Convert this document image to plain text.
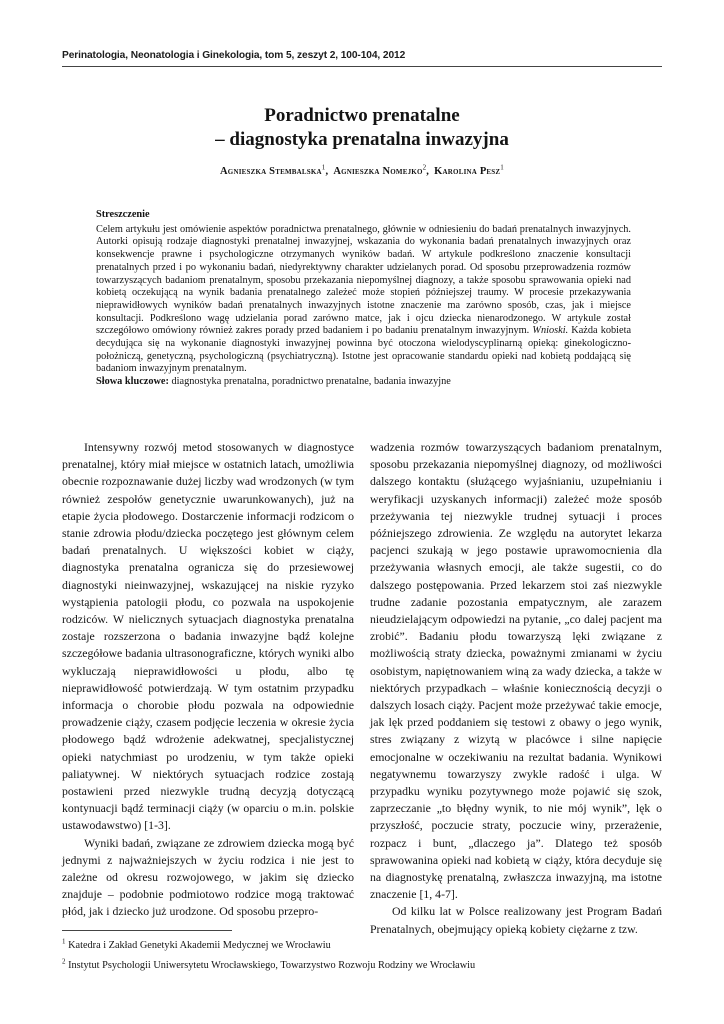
Perinatologia, Neonatologia i Ginekologia, tom 5, zeszyt 2, 100-104, 2012
Poradnictwo prenatalne
– diagnostyka prenatalna inwazyjna
Agnieszka Stembalska$^1$,  Agnieszka Nomejko$^2$,  Karolina Pesz$^1$
Streszczenie

Celem artykułu jest omówienie aspektów poradnictwa prenatalnego, głównie w odniesieniu do badań prenatalnych inwazyjnych. Autorki opisują rodzaje diagnostyki prenatalnej inwazyjnej, wskazania do wykonania badań prenatalnych inwazyjnych oraz konsekwencje prawne i psychologiczne otrzymanych wyników badań. W artykule podkreślono znaczenie konsultacji prenatalnych przed i po wykonaniu badań, niedyrektywny charakter udzielanych porad. Od sposobu przeprowadzenia rozmów towarzyszących badaniom prenatalnym, sposobu przekazania niepomyślnej diagnozy, a także sposobu sprawowania opieki nad kobietą oczekującą na wynik badania prenatalnego zależeć może stopień późniejszej traumy. W procesie przekazywania nieprawidłowych wyników badań prenatalnych inwazyjnych istotne znaczenie ma zarówno sposób, czas, jak i miejsce konsultacji. Podkreślono wagę udzielania porad zarówno matce, jak i ojcu dziecka nienarodzonego. W artykule został szczegółowo omówiony również zakres porady przed badaniem i po badaniu prenatalnym inwazyjnym. Wnioski. Każda kobieta decydująca się na wykonanie diagnostyki inwazyjnej powinna być otoczona wielodyscyplinarną opieką: ginekologiczno-położniczą, genetyczną, psychologiczną (psychiatryczną). Istotne jest opracowanie standardu opieki nad kobietą poddającą się badaniom inwazyjnym prenatalnym.

Słowa kluczowe: diagnostyka prenatalna, poradnictwo prenatalne, badania inwazyjne

Intensywny rozwój metod stosowanych w diagnostyce prenatalnej, który miał miejsce w ostatnich latach, umożliwia obecnie rozpoznawanie dużej liczby wad wrodzonych (w tym również zespołów genetycznie uwarunkowanych), już na etapie życia płodowego. Dostarczenie informacji rodzicom o stanie zdrowia płodu/dziecka poczętego jest głównym celem badań prenatalnych. U większości kobiet w ciąży, diagnostyka prenatalna ogranicza się do przesiewowej diagnostyki nieinwazyjnej, wskazującej na niskie ryzyko wystąpienia patologii płodu, co pozwala na uspokojenie rodziców. W nielicznych sytuacjach diagnostyka prenatalna zostaje rozszerzona o badania inwazyjne bądź kolejne szczegółowe badania ultrasonograficzne, których wyniki albo wykluczają nieprawidłowości u płodu, albo tę nieprawidłowość potwierdzają. W tym ostatnim przypadku informacja o chorobie płodu pozwala na odpowiednie prowadzenie ciąży, czasem podjęcie leczenia w okresie życia płodowego bądź wdrożenie adekwatnej, specjalistycznej opieki natychmiast po urodzeniu, w tym także opieki paliatywnej. W niektórych sytuacjach rodzice zostają postawieni przed niezwykle trudną decyzją dotyczącą kontynuacji bądź terminacji ciąży (w oparciu o m.in. polskie ustawodawstwo) [1-3].

Wyniki badań, związane ze zdrowiem dziecka mogą być jednymi z najważniejszych w życiu rodzica i nie jest to zależne od okresu rozwojowego, w jakim się dziecko znajduje – podobnie podmiotowo rodzice mogą traktować płód, jak i dziecko już urodzone. Od sposobu przepro-

wadzenia rozmów towarzyszących badaniom prenatalnym, sposobu przekazania niepomyślnej diagnozy, od możliwości dalszego kontaktu (służącego wyjaśnianiu, uzupełnianiu i weryfikacji uzyskanych informacji) zależeć może sposób przeżywania tej niezwykle trudnej sytuacji i proces późniejszego zdrowienia. Ze względu na autorytet lekarza pacjenci szukają w jego postawie uprawomocnienia dla przeżywania własnych emocji, ale także sugestii, co do dalszego postępowania. Przed lekarzem stoi zaś niezwykle trudne zadanie pozostania empatycznym, ale zarazem nieudzielającym odpowiedzi na pytanie, „co dalej pacjent ma zrobić”. Badaniu płodu towarzyszą lęki związane z możliwością straty dziecka, poważnymi zmianami w życiu osobistym, napiętnowaniem winą za wady dziecka, a także w niektórych przypadkach – właśnie koniecznością decyzji o dalszych losach ciąży. Pacjent może przeżywać takie emocje, jak lęk przed poddaniem się testowi z obawy o jego wynik, stres związany z wizytą w placówce i silne napięcie emocjonalne w oczekiwaniu na rezultat badania. Wynikowi negatywnemu towarzyszy zwykle radość i ulga. W przypadku wyniku pozytywnego może pojawić się szok, zaprzeczanie „to błędny wynik, to nie mój wynik”, lęk o przyszłość, poczucie straty, poczucie winy, przerażenie, rozpacz i bunt, „dlaczego ja”. Dlatego też sposób sprawowanina opieki nad kobietą w ciąży, która decyduje się na diagnostykę prenatalną, zwłaszcza inwazyjną, ma istotne znaczenie [1, 4-7].

Od kilku lat w Polsce realizowany jest Program Badań Prenatalnych, obejmujący opieką kobiety ciężarne z tzw.

$^1$ Katedra i Zakład Genetyki Akademii Medycznej we Wrocławiu
$^2$ Instytut Psychologii Uniwersytetu Wrocławskiego, Towarzystwo Rozwoju Rodziny we Wrocławiu
